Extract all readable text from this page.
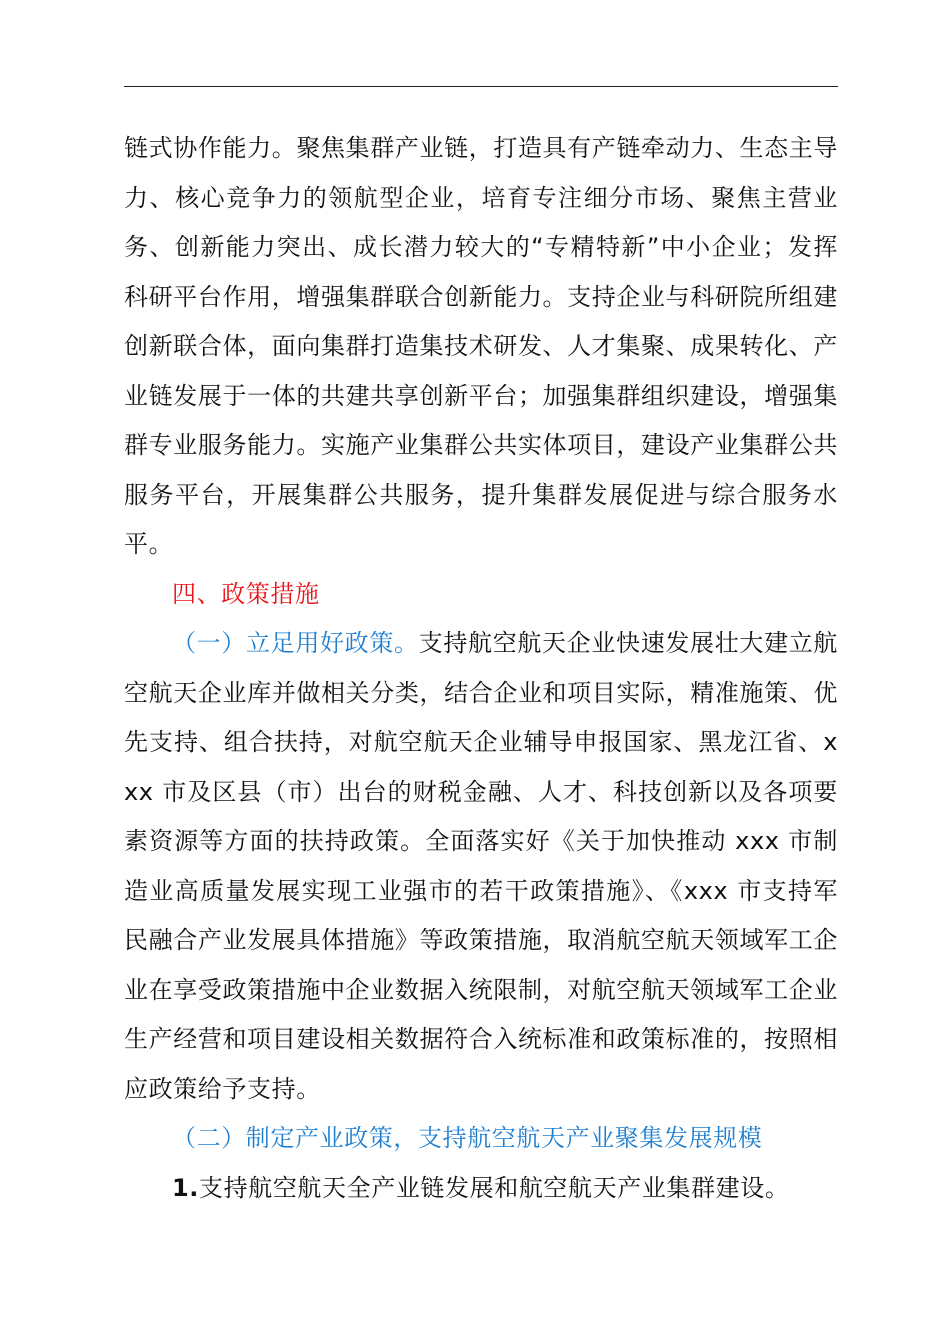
链式协作能力。聚焦集群产业链，打造具有产链牵动力、生态主导力、核心竞争力的领航型企业，培育专注细分市场、聚焦主营业务、创新能力突出、成长潜力较大的“专精特新”中小企业；发挥科研平台作用，增强集群联合创新能力。支持企业与科研院所组建创新联合体，面向集群打造集技术研发、人才集聚、成果转化、产业链发展于一体的共建共享创新平台；加强集群组织建设，增强集群专业服务能力。实施产业集群公共实体项目，建设产业集群公共服务平台，开展集群公共服务，提升集群发展促进与综合服务水平。

四、政策措施

（一）立足用好政策。支持航空航天企业快速发展壮大建立航空航天企业库并做相关分类，结合企业和项目实际，精准施策、优先支持、组合扶持，对航空航天企业辅导申报国家、黑龙江省、xxx 市及区县（市）出台的财税金融、人才、科技创新以及各项要素资源等方面的扶持政策。全面落实好《关于加快推动 xxx 市制造业高质量发展实现工业强市的若干政策措施》、《xxx 市支持军民融合产业发展具体措施》等政策措施，取消航空航天领域军工企业在享受政策措施中企业数据入统限制，对航空航天领域军工企业生产经营和项目建设相关数据符合入统标准和政策标准的，按照相应政策给予支持。

（二）制定产业政策，支持航空航天产业聚集发展规模

1.支持航空航天全产业链发展和航空航天产业集群建设。
